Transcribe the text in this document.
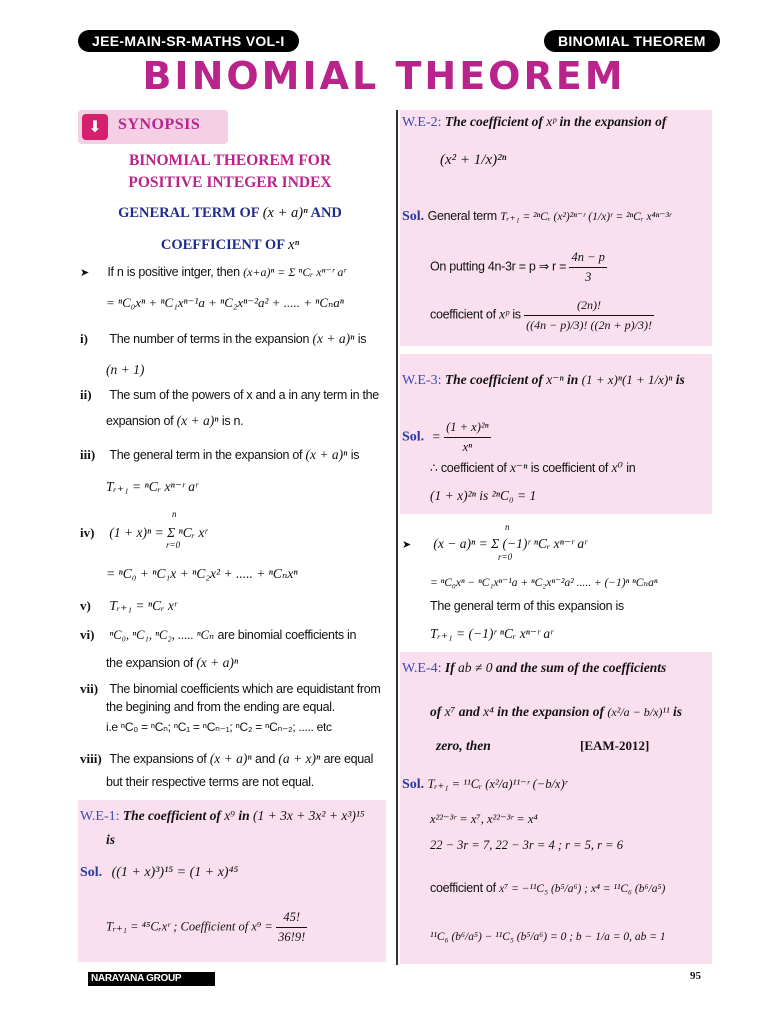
JEE-MAIN-SR-MATHS VOL-I	BINOMIAL THEOREM
BINOMIAL THEOREM
⬇	SYNOPSIS
BINOMIAL THEOREM FOR
POSITIVE INTEGER INDEX
GENERAL TERM OF (x + a)ⁿ AND
COEFFICIENT OF xⁿ
➤ If n is positive intger, then (x+a)ⁿ = Σ ⁿCᵣ xⁿ⁻ʳ aʳ
= ⁿC₀xⁿ + ⁿC₁xⁿ⁻¹a + ⁿC₂xⁿ⁻²a² + ..... + ⁿCₙaⁿ
i) The number of terms in the expansion (x + a)ⁿ is
(n + 1)
ii) The sum of the powers of x and a in any term in the
expansion of (x + a)ⁿ is n.
iii) The general term in the expansion of (x + a)ⁿ is
Tᵣ₊₁ = ⁿCᵣ xⁿ⁻ʳ aʳ
iv) (1 + x)ⁿ = Σ ⁿCᵣ xʳ
n
r=0
= ⁿC₀ + ⁿC₁x + ⁿC₂x² + ..... + ⁿCₙxⁿ
v) Tᵣ₊₁ = ⁿCᵣ xʳ
vi) ⁿC₀, ⁿC₁, ⁿC₂, ..... ⁿCₙ are binomial coefficients in
the expansion of (x + a)ⁿ
vii) The binomial coefficients which are equidistant from
the begining and from the ending are equal.
i.e ⁿC₀ = ⁿCₙ; ⁿC₁ = ⁿCₙ₋₁; ⁿC₂ = ⁿCₙ₋₂; ..... etc
viii) The expansions of (x + a)ⁿ and (a + x)ⁿ are equal
but their respective terms are not equal.
W.E-1: The coefficient of x⁹ in (1 + 3x + 3x² + x³)¹⁵
is
Sol. ((1 + x)³)¹⁵ = (1 + x)⁴⁵
Tᵣ₊₁ = ⁴⁵Cᵣxʳ ; Coefficient of $x^9 = \frac{45!}{36!9!}$
W.E-2: The coefficient of xᵖ in the expansion of
(x² + 1/x)²ⁿ
Sol. General term Tᵣ₊₁ = ²ⁿCᵣ (x²)²ⁿ⁻ʳ (1/x)ʳ = ²ⁿCᵣ x⁴ⁿ⁻³ʳ
On putting 4n-3r = p ⇒ $r = \frac{4n - p}{3}$
coefficient of xᵖ is $\frac{(2n)!}{((4n - p)/3)! ((2n + p)/3)!}$
W.E-3: The coefficient of x⁻ⁿ in (1 + x)ⁿ(1 + 1/x)ⁿ is
Sol. = $\frac{\text{(1 + x)²ⁿ}}{\text{xⁿ}}$
∴ coefficient of x⁻ⁿ is coefficient of x⁰ in
(1 + x)²ⁿ is ²ⁿC₀ = 1
➤ (x − a)ⁿ = Σ (−1)ʳ ⁿCᵣ xⁿ⁻ʳ aʳ
n
r=0
= ⁿC₀xⁿ − ⁿC₁xⁿ⁻¹a + ⁿC₂xⁿ⁻²a² ..... + (−1)ⁿ ⁿCₙaⁿ
The general term of this expansion is
Tᵣ₊₁ = (−1)ʳ ⁿCᵣ xⁿ⁻ʳ aʳ
W.E-4: If ab ≠ 0 and the sum of the coefficients
of x⁷ and x⁴ in the expansion of (x²/a − b/x)¹¹ is
zero, then	[EAM-2012]
Sol. Tᵣ₊₁ = ¹¹Cᵣ (x²/a)¹¹⁻ʳ (−b/x)ʳ
x²²⁻³ʳ = x⁷, x²²⁻³ʳ = x⁴
22 − 3r = 7, 22 − 3r = 4 ; r = 5, r = 6
coefficient of x⁷ = −¹¹C₅ (b⁵/a⁶) ; x⁴ = ¹¹C₆ (b⁶/a⁵)
¹¹C₆ (b⁶/a⁵) − ¹¹C₅ (b⁵/a⁶) = 0 ; b − 1/a = 0, ab = 1
NARAYANA GROUP	95
